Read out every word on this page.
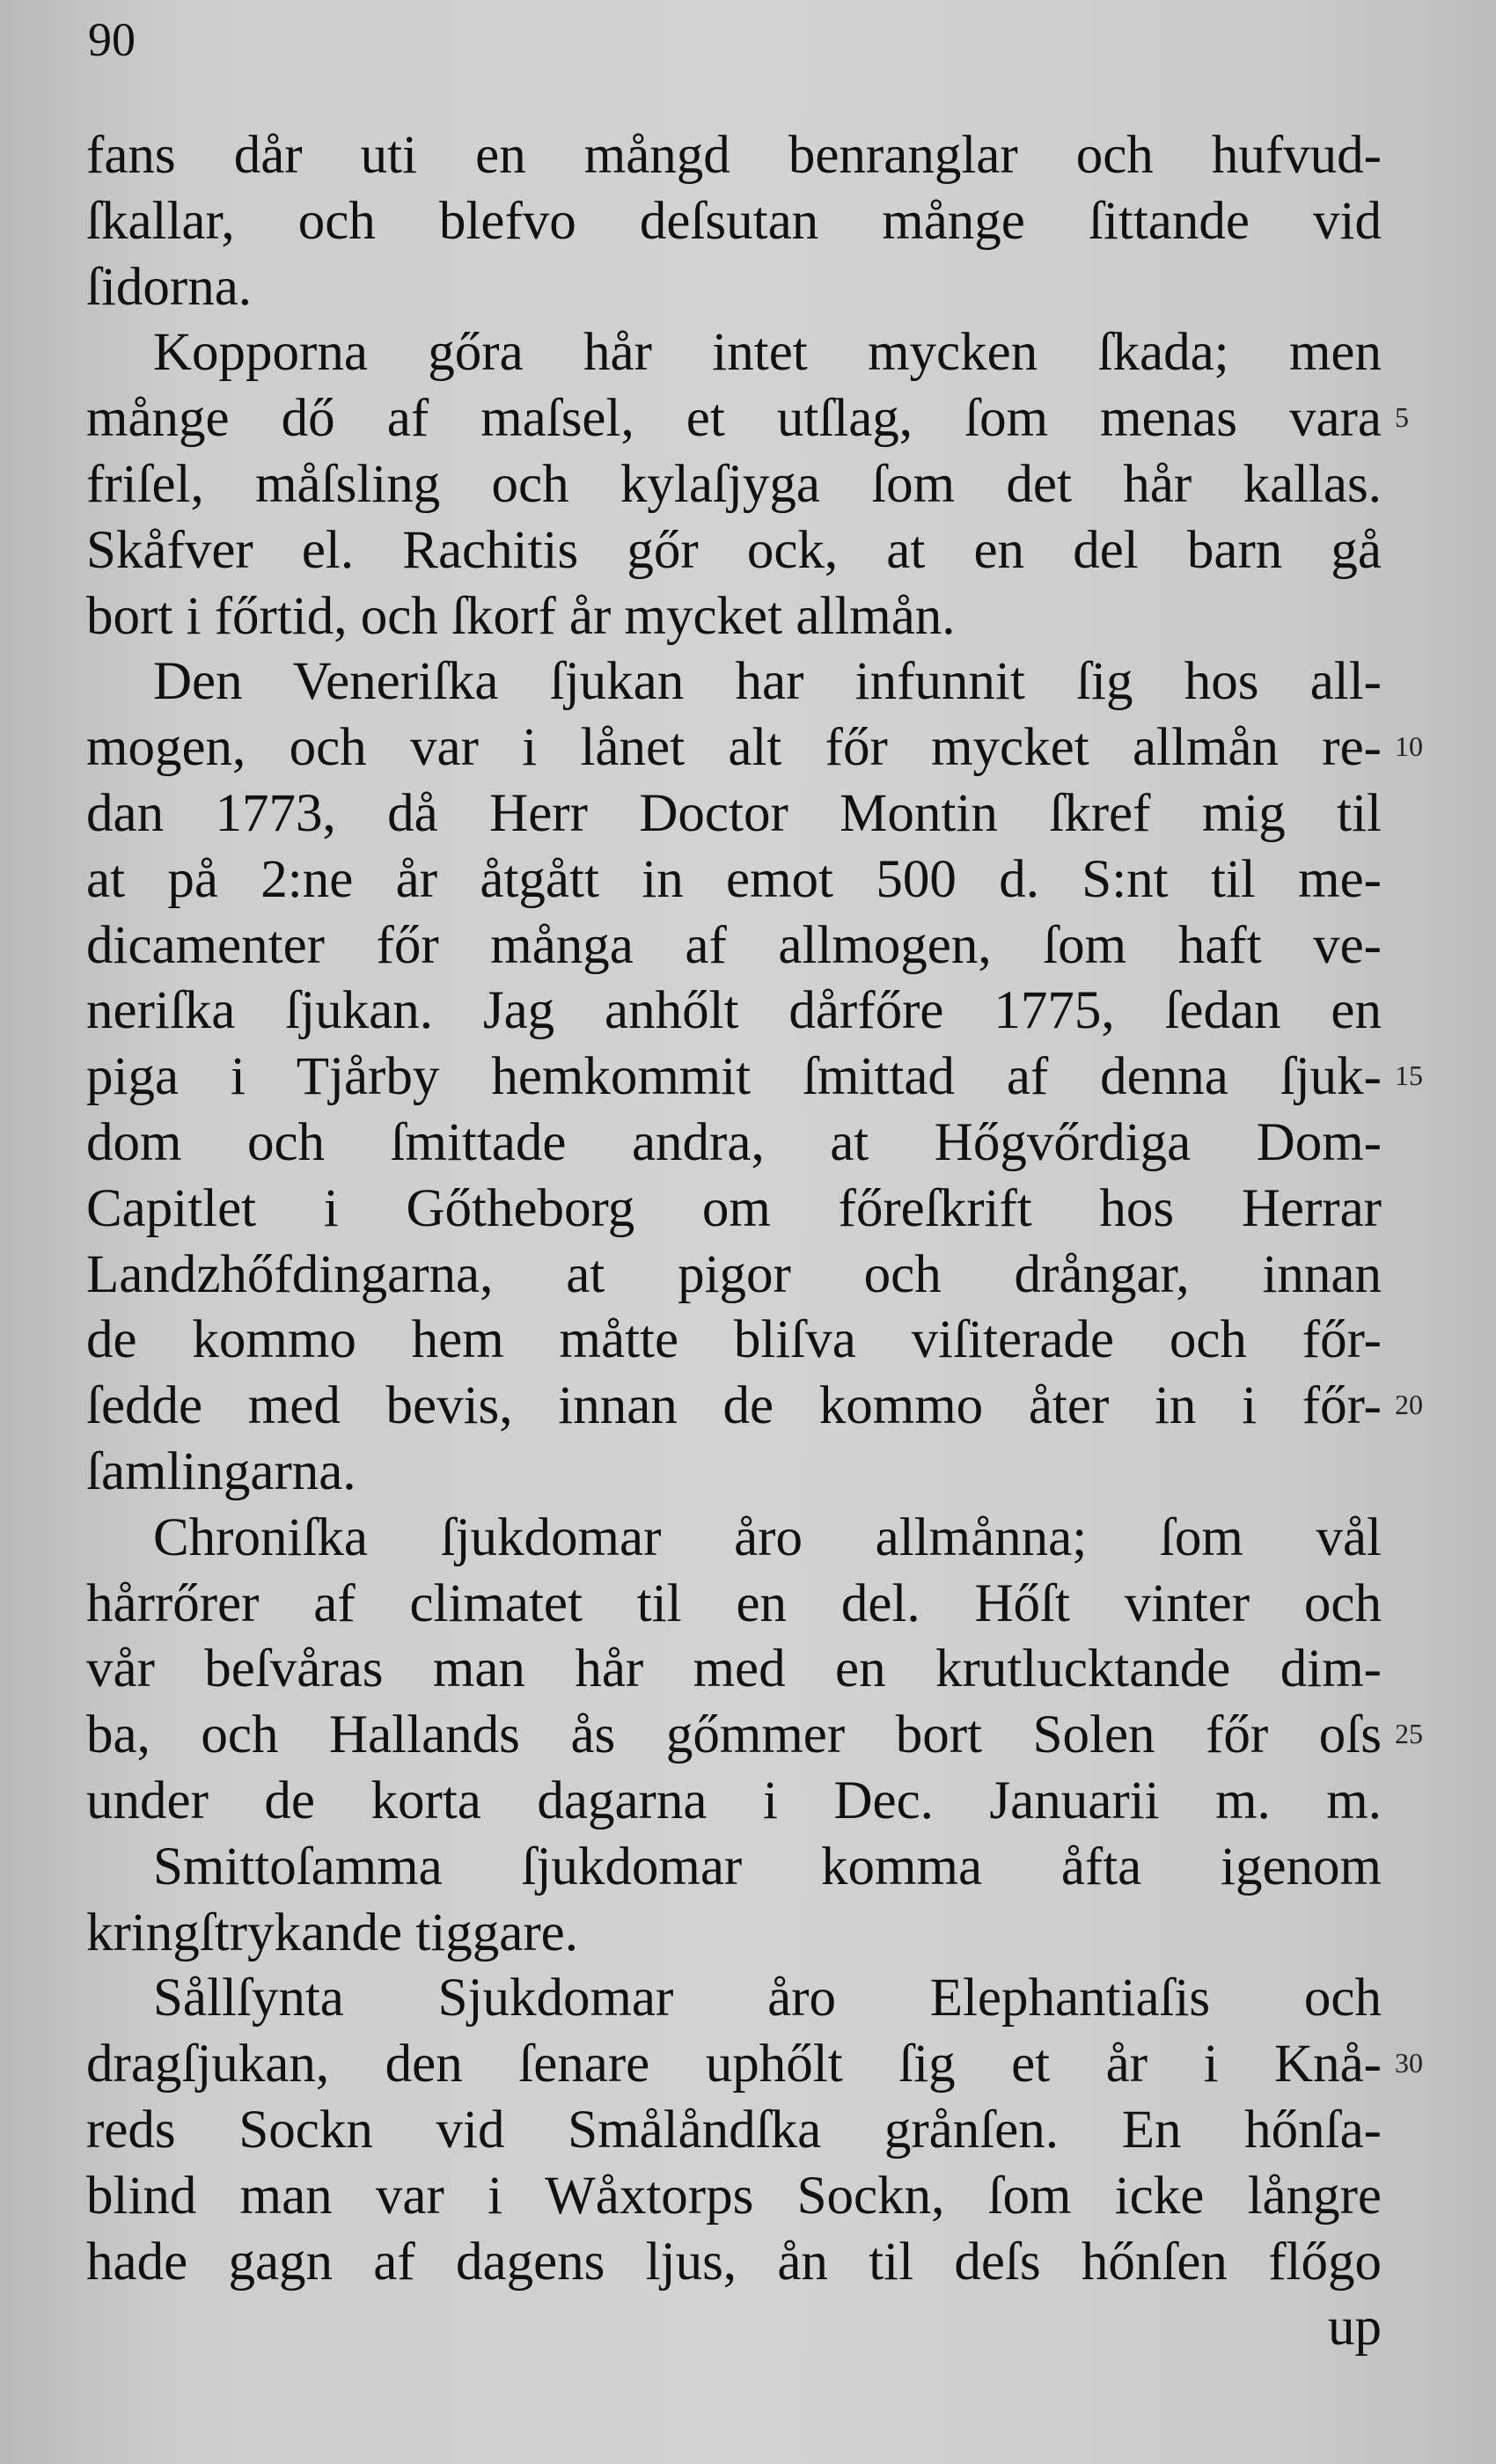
90
fans dår uti en mångd benranglar och hufvud-
ſkallar, och blefvo deſsutan månge ſittande vid
ſidorna.
Kopporna gőra hår intet mycken ſkada; men
månge dő af maſsel, et utſlag, ſom menas vara
friſel, måſsling och kylaſjyga ſom det hår kallas.
Skåfver el. Rachitis gőr ock, at en del barn gå
bort i főrtid, och ſkorf år mycket allmån.
Den Veneriſka ſjukan har infunnit ſig hos all-
mogen, och var i lånet alt főr mycket allmån re-
dan 1773, då Herr Doctor Montin ſkref mig til
at på 2:ne år åtgått in emot 500 d. S:nt til me-
dicamenter főr många af allmogen, ſom haft ve-
neriſka ſjukan. Jag anhőlt dårfőre 1775, ſedan en
piga i Tjårby hemkommit ſmittad af denna ſjuk-
dom och ſmittade andra, at Hőgvőrdiga Dom-
Capitlet i Gőtheborg om főreſkrift hos Herrar
Landzhőfdingarna, at pigor och drångar, innan
de kommo hem måtte bliſva viſiterade och főr-
ſedde med bevis, innan de kommo åter in i főr-
ſamlingarna.
Chroniſka ſjukdomar åro allmånna; ſom vål
hårrőrer af climatet til en del. Hőſt vinter och
vår beſvåras man hår med en krutlucktande dim-
ba, och Hallands ås gőmmer bort Solen főr oſs
under de korta dagarna i Dec. Januarii m. m.
Smittoſamma ſjukdomar komma åfta igenom
kringſtrykande tiggare.
Sållſynta Sjukdomar åro Elephantiaſis och
dragſjukan, den ſenare uphőlt ſig et år i Knå-
reds Sockn vid Smålåndſka grånſen. En hőnſa-
blind man var i Wåxtorps Sockn, ſom icke långre
hade gagn af dagens ljus, ån til deſs hőnſen flőgo
up
5
10
15
20
25
30
